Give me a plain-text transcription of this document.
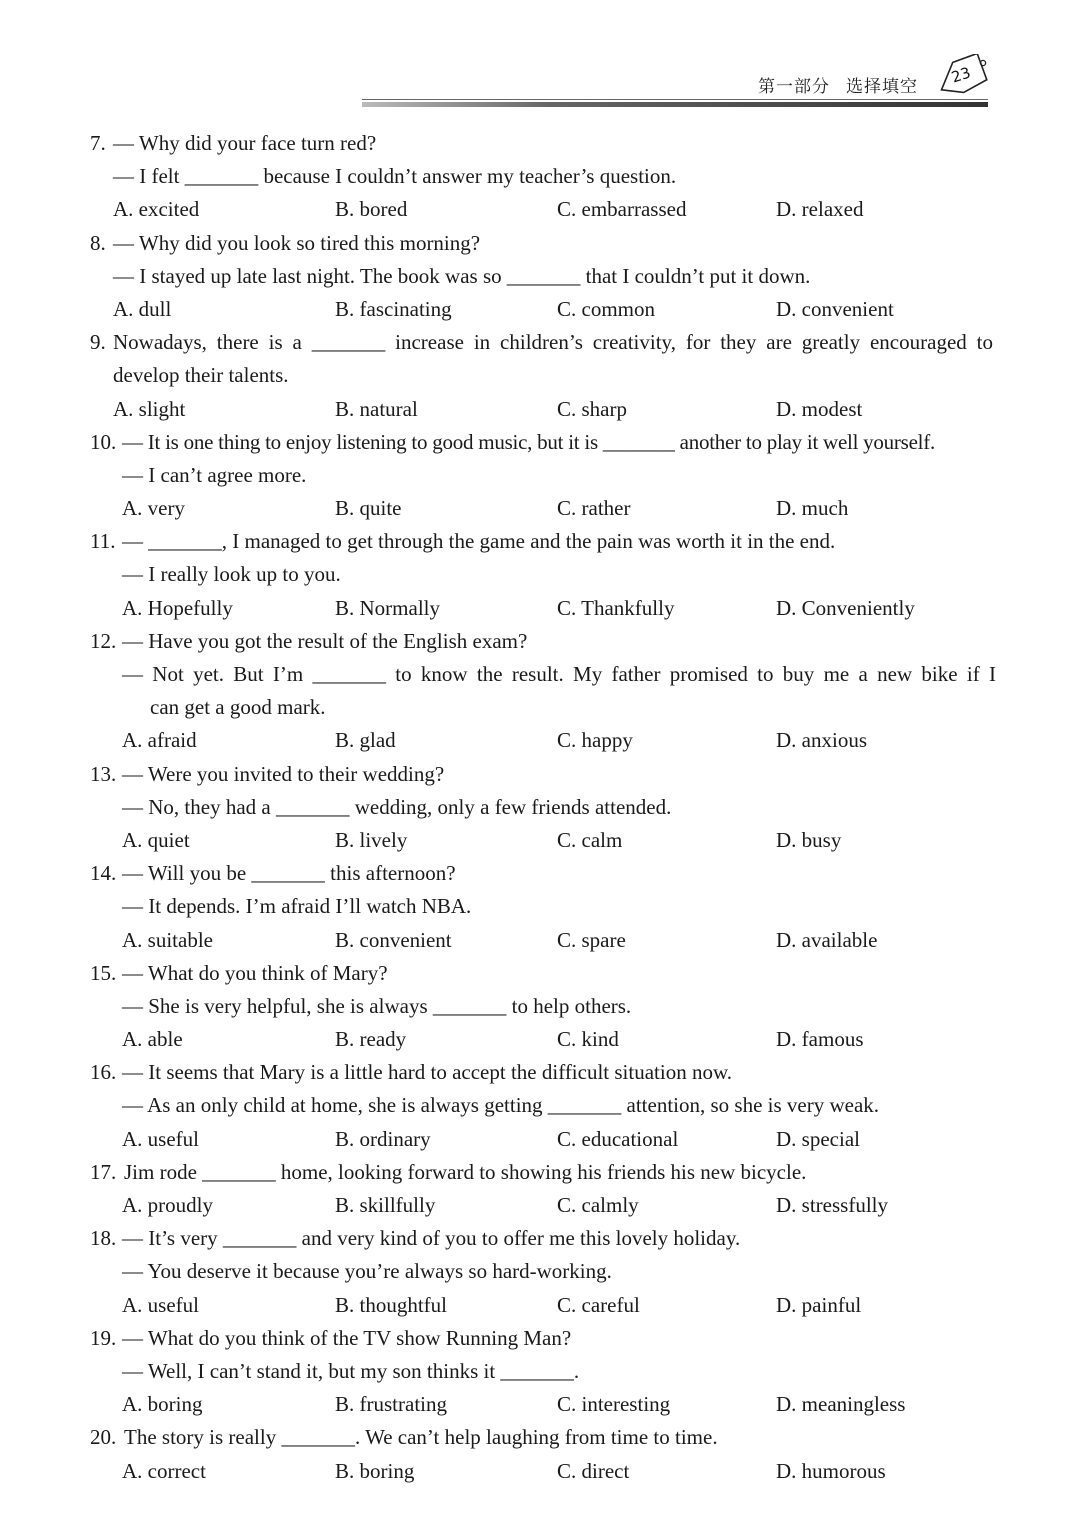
第一部分 选择填空
23
7. — Why did your face turn red?
— I felt _______ because I couldn’t answer my teacher’s question.
A. excited	B. bored	C. embarrassed	D. relaxed
8. — Why did you look so tired this morning?
— I stayed up late last night. The book was so _______ that I couldn’t put it down.
A. dull	B. fascinating	C. common	D. convenient
9. Nowadays, there is a _______ increase in children’s creativity, for they are greatly encouraged to
develop their talents.
A. slight	B. natural	C. sharp	D. modest
10. — It is one thing to enjoy listening to good music, but it is _______ another to play it well yourself.
— I can’t agree more.
A. very	B. quite	C. rather	D. much
11. — _______, I managed to get through the game and the pain was worth it in the end.
— I really look up to you.
A. Hopefully	B. Normally	C. Thankfully	D. Conveniently
12. — Have you got the result of the English exam?
— Not yet. But I’m _______ to know the result. My father promised to buy me a new bike if I
can get a good mark.
A. afraid	B. glad	C. happy	D. anxious
13. — Were you invited to their wedding?
— No, they had a _______ wedding, only a few friends attended.
A. quiet	B. lively	C. calm	D. busy
14. — Will you be _______ this afternoon?
— It depends. I’m afraid I’ll watch NBA.
A. suitable	B. convenient	C. spare	D. available
15. — What do you think of Mary?
— She is very helpful, she is always _______ to help others.
A. able	B. ready	C. kind	D. famous
16. — It seems that Mary is a little hard to accept the difficult situation now.
— As an only child at home, she is always getting _______ attention, so she is very weak.
A. useful	B. ordinary	C. educational	D. special
17. Jim rode _______ home, looking forward to showing his friends his new bicycle.
A. proudly	B. skillfully	C. calmly	D. stressfully
18. — It’s very _______ and very kind of you to offer me this lovely holiday.
— You deserve it because you’re always so hard-working.
A. useful	B. thoughtful	C. careful	D. painful
19. — What do you think of the TV show Running Man?
— Well, I can’t stand it, but my son thinks it _______.
A. boring	B. frustrating	C. interesting	D. meaningless
20. The story is really _______. We can’t help laughing from time to time.
A. correct	B. boring	C. direct	D. humorous
